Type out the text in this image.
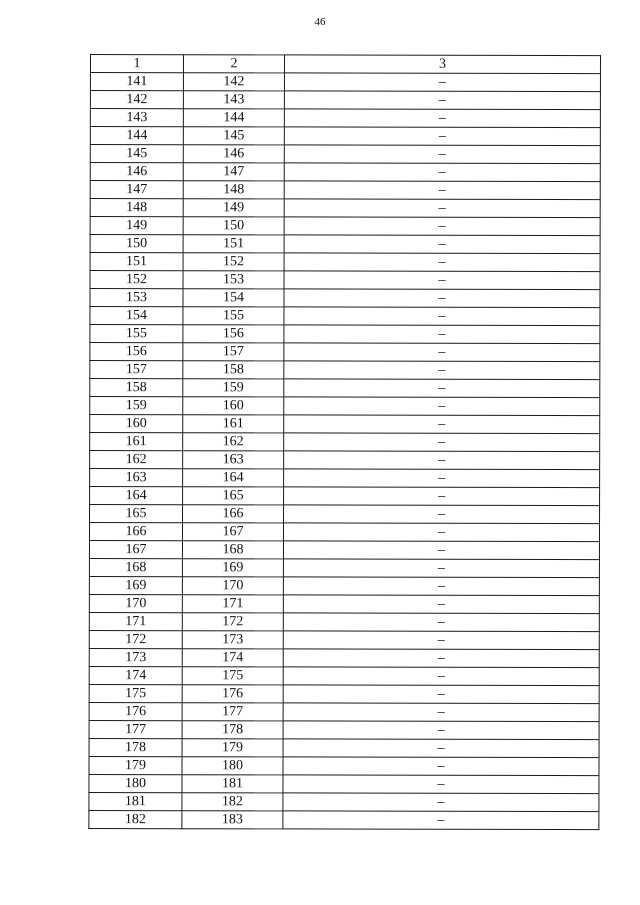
46
1	2	3
141	142	–
142	143	–
143	144	–
144	145	–
145	146	–
146	147	–
147	148	–
148	149	–
149	150	–
150	151	–
151	152	–
152	153	–
153	154	–
154	155	–
155	156	–
156	157	–
157	158	–
158	159	–
159	160	–
160	161	–
161	162	–
162	163	–
163	164	–
164	165	–
165	166	–
166	167	–
167	168	–
168	169	–
169	170	–
170	171	–
171	172	–
172	173	–
173	174	–
174	175	–
175	176	–
176	177	–
177	178	–
178	179	–
179	180	–
180	181	–
181	182	–
182	183	–
